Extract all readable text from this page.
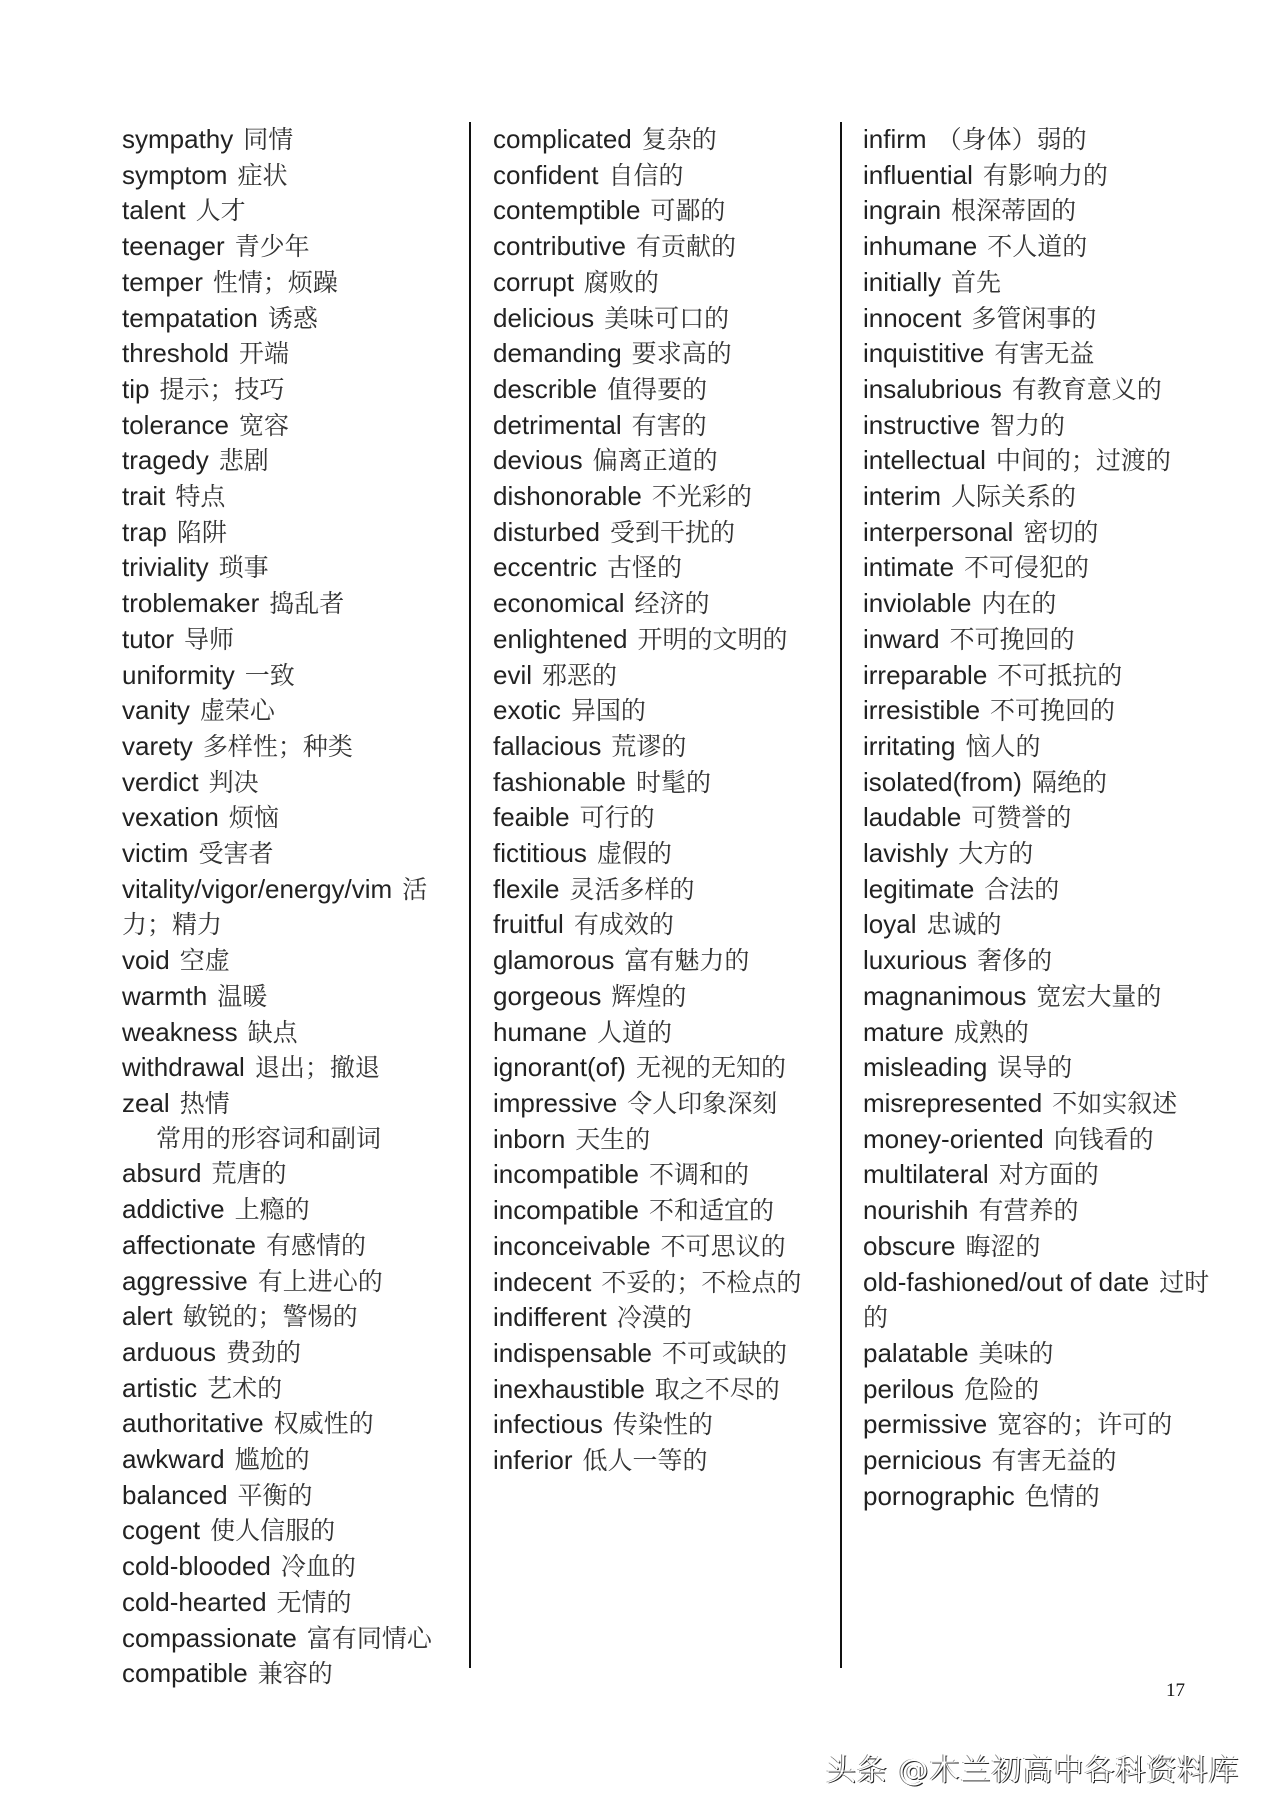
sympathy 同情
symptom 症状
talent 人才
teenager 青少年
temper 性情；烦躁
tempatation 诱惑
threshold 开端
tip 提示；技巧
tolerance 宽容
tragedy 悲剧
trait 特点
trap 陷阱
triviality 琐事
troblemaker 捣乱者
tutor 导师
uniformity 一致
vanity 虚荣心
varety 多样性；种类
verdict 判决
vexation 烦恼
victim 受害者
vitality/vigor/energy/vim 活力；精力
void 空虚
warmth 温暖
weakness 缺点
withdrawal 退出；撤退
zeal 热情
常用的形容词和副词
absurd 荒唐的
addictive 上瘾的
affectionate 有感情的
aggressive 有上进心的
alert 敏锐的；警惕的
arduous 费劲的
artistic 艺术的
authoritative 权威性的
awkward 尴尬的
balanced 平衡的
cogent 使人信服的
cold-blooded 冷血的
cold-hearted 无情的
compassionate 富有同情心
compatible 兼容的
complicated 复杂的
confident 自信的
contemptible 可鄙的
contributive 有贡献的
corrupt 腐败的
delicious 美味可口的
demanding 要求高的
describle 值得要的
detrimental 有害的
devious 偏离正道的
dishonorable 不光彩的
disturbed 受到干扰的
eccentric 古怪的
economical 经济的
enlightened 开明的文明的
evil 邪恶的
exotic 异国的
fallacious 荒谬的
fashionable 时髦的
feaible 可行的
fictitious 虚假的
flexile 灵活多样的
fruitful 有成效的
glamorous 富有魅力的
gorgeous 辉煌的
humane 人道的
ignorant(of) 无视的无知的
impressive 令人印象深刻
inborn 天生的
incompatible 不调和的
incompatible 不和适宜的
inconceivable 不可思议的
indecent 不妥的；不检点的
indifferent 冷漠的
indispensable 不可或缺的
inexhaustible 取之不尽的
infectious 传染性的
inferior 低人一等的
infirm （身体）弱的
influential 有影响力的
ingrain 根深蒂固的
inhumane 不人道的
initially 首先
innocent 多管闲事的
inquistitive 有害无益
insalubrious 有教育意义的
instructive 智力的
intellectual 中间的；过渡的
interim 人际关系的
interpersonal 密切的
intimate 不可侵犯的
inviolable 内在的
inward 不可挽回的
irreparable 不可抵抗的
irresistible 不可挽回的
irritating 恼人的
isolated(from) 隔绝的
laudable 可赞誉的
lavishly 大方的
legitimate 合法的
loyal 忠诚的
luxurious 奢侈的
magnanimous 宽宏大量的
mature 成熟的
misleading 误导的
misrepresented 不如实叙述
money-oriented 向钱看的
multilateral 对方面的
nourishih 有营养的
obscure 晦涩的
old-fashioned/out of date 过时的
palatable 美味的
perilous 危险的
permissive 宽容的；许可的
pernicious 有害无益的
pornographic 色情的
17
头条 @木兰初高中各科资料库
